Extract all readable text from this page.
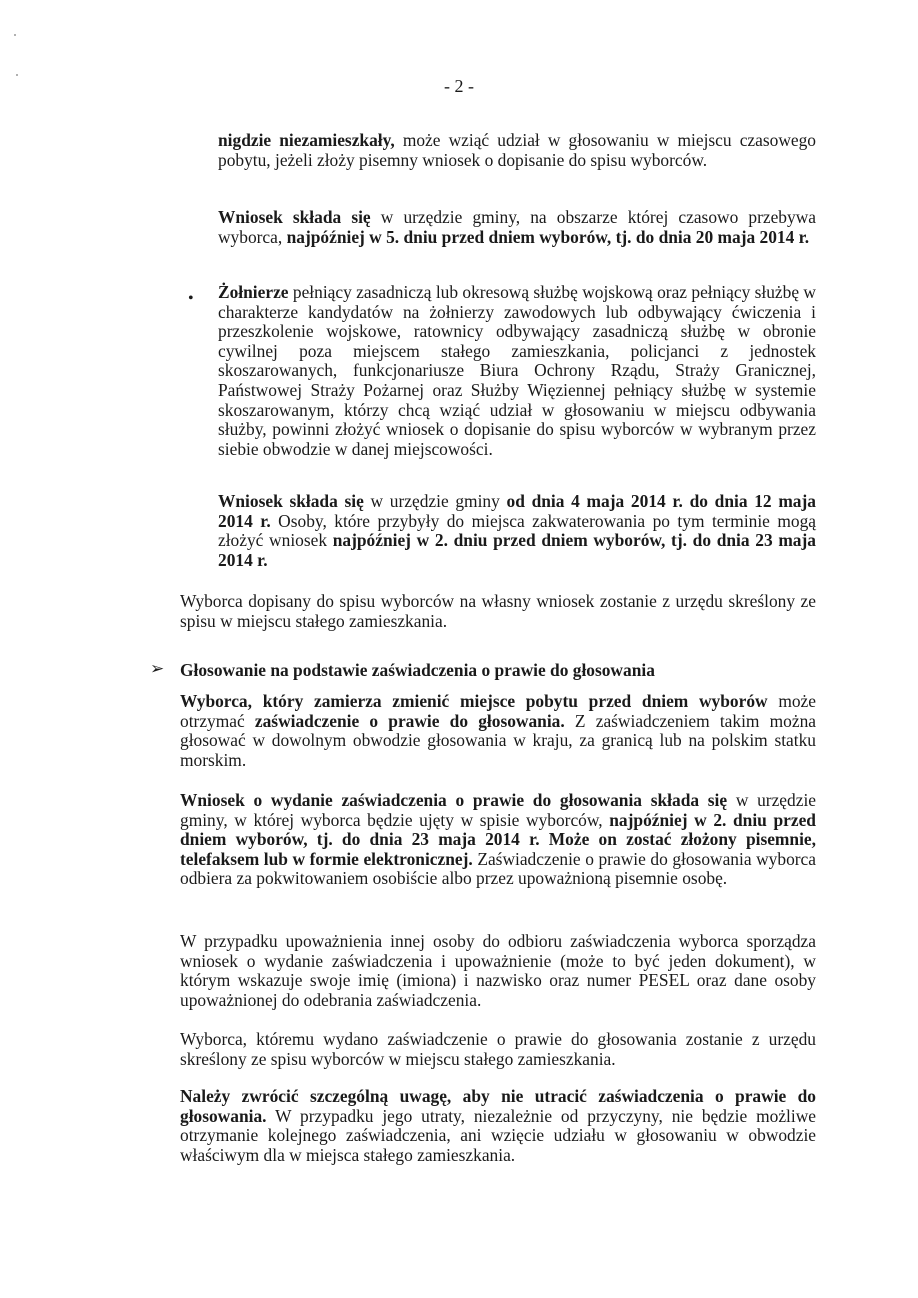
- 2 -

nigdzie niezamieszkały, może wziąć udział w głosowaniu w miejscu czasowego pobytu, jeżeli złoży pisemny wniosek o dopisanie do spisu wyborców.

Wniosek składa się w urzędzie gminy, na obszarze której czasowo przebywa wyborca, najpóźniej w 5. dniu przed dniem wyborów, tj. do dnia 20 maja 2014 r.

• Żołnierze pełniący zasadniczą lub okresową służbę wojskową oraz pełniący służbę w charakterze kandydatów na żołnierzy zawodowych lub odbywający ćwiczenia i przeszkolenie wojskowe, ratownicy odbywający zasadniczą służbę w obronie cywilnej poza miejscem stałego zamieszkania, policjanci z jednostek skoszarowanych, funkcjonariusze Biura Ochrony Rządu, Straży Granicznej, Państwowej Straży Pożarnej oraz Służby Więziennej pełniący służbę w systemie skoszarowanym, którzy chcą wziąć udział w głosowaniu w miejscu odbywania służby, powinni złożyć wniosek o dopisanie do spisu wyborców w wybranym przez siebie obwodzie w danej miejscowości.

Wniosek składa się w urzędzie gminy od dnia 4 maja 2014 r. do dnia 12 maja 2014 r. Osoby, które przybyły do miejsca zakwaterowania po tym terminie mogą złożyć wniosek najpóźniej w 2. dniu przed dniem wyborów, tj. do dnia 23 maja 2014 r.

Wyborca dopisany do spisu wyborców na własny wniosek zostanie z urzędu skreślony ze spisu w miejscu stałego zamieszkania.

➢ Głosowanie na podstawie zaświadczenia o prawie do głosowania

Wyborca, który zamierza zmienić miejsce pobytu przed dniem wyborów może otrzymać zaświadczenie o prawie do głosowania. Z zaświadczeniem takim można głosować w dowolnym obwodzie głosowania w kraju, za granicą lub na polskim statku morskim.

Wniosek o wydanie zaświadczenia o prawie do głosowania składa się w urzędzie gminy, w której wyborca będzie ujęty w spisie wyborców, najpóźniej w 2. dniu przed dniem wyborów, tj. do dnia 23 maja 2014 r. Może on zostać złożony pisemnie, telefaksem lub w formie elektronicznej. Zaświadczenie o prawie do głosowania wyborca odbiera za pokwitowaniem osobiście albo przez upoważnioną pisemnie osobę.

W przypadku upoważnienia innej osoby do odbioru zaświadczenia wyborca sporządza wniosek o wydanie zaświadczenia i upoważnienie (może to być jeden dokument), w którym wskazuje swoje imię (imiona) i nazwisko oraz numer PESEL oraz dane osoby upoważnionej do odebrania zaświadczenia.

Wyborca, któremu wydano zaświadczenie o prawie do głosowania zostanie z urzędu skreślony ze spisu wyborców w miejscu stałego zamieszkania.

Należy zwrócić szczególną uwagę, aby nie utracić zaświadczenia o prawie do głosowania. W przypadku jego utraty, niezależnie od przyczyny, nie będzie możliwe otrzymanie kolejnego zaświadczenia, ani wzięcie udziału w głosowaniu w obwodzie właściwym dla w miejsca stałego zamieszkania.
